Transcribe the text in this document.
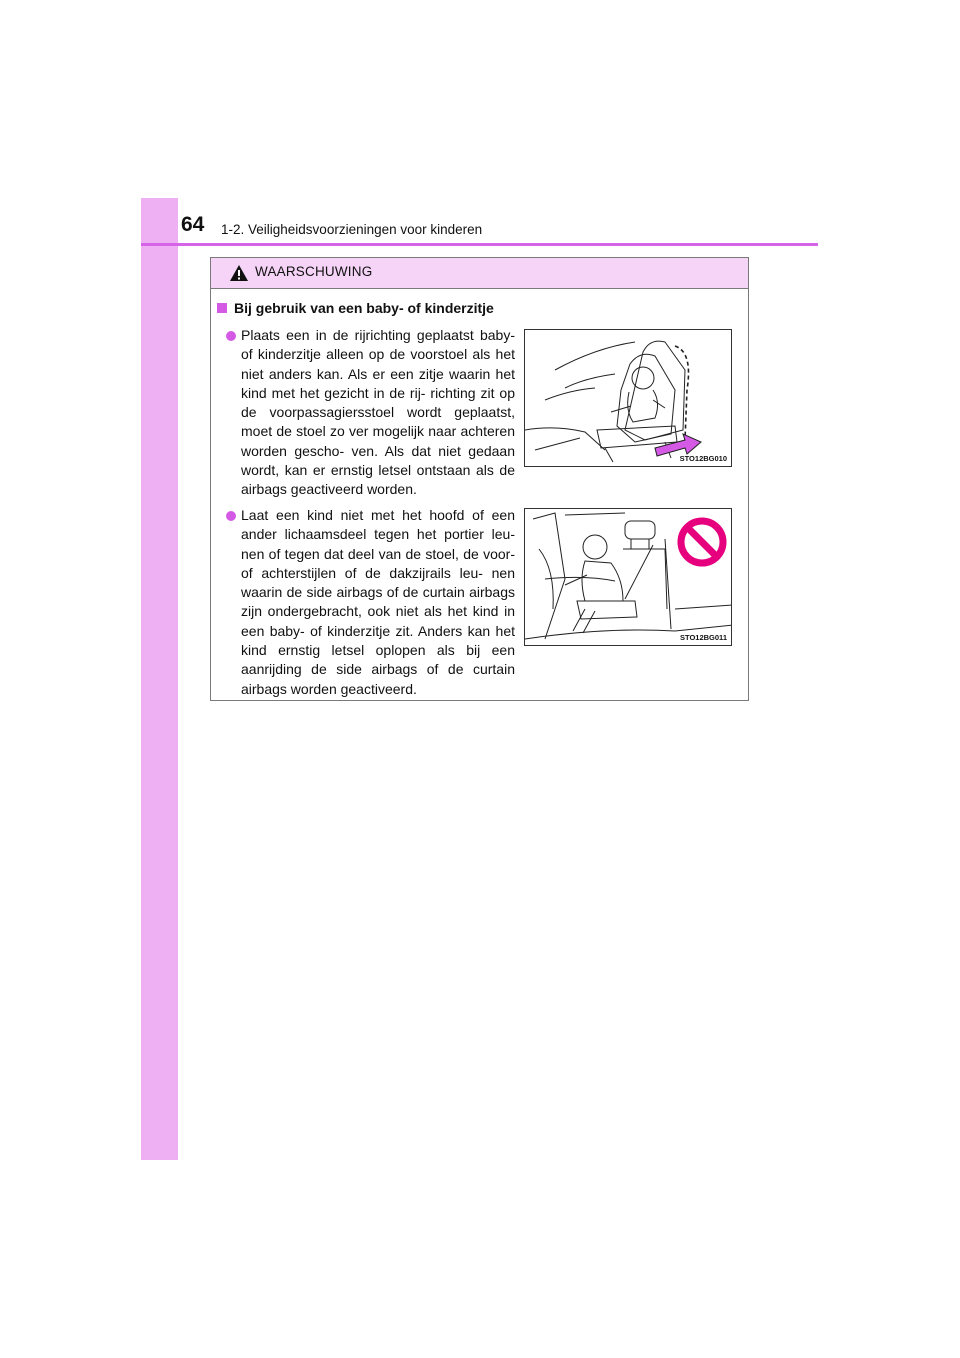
64 1-2. Veiligheidsvoorzieningen voor kinderen
WAARSCHUWING
Bij gebruik van een baby- of kinderzitje
Plaats een in de rijrichting geplaatst baby- of kinderzitje alleen op de voorstoel als het niet anders kan. Als er een zitje waarin het kind met het gezicht in de rij- richting zit op de voorpassagiersstoel wordt geplaatst, moet de stoel zo ver mogelijk naar achteren worden gescho- ven. Als dat niet gedaan wordt, kan er ernstig letsel ontstaan als de airbags geactiveerd worden.
STO12BG010
Laat een kind niet met het hoofd of een ander lichaamsdeel tegen het portier leu- nen of tegen dat deel van de stoel, de voor- of achterstijlen of de dakzijrails leu- nen waarin de side airbags of de curtain airbags zijn ondergebracht, ook niet als het kind in een baby- of kinderzitje zit. Anders kan het kind ernstig letsel oplopen als bij een aanrijding de side airbags of de curtain airbags worden geactiveerd.
STO12BG011
